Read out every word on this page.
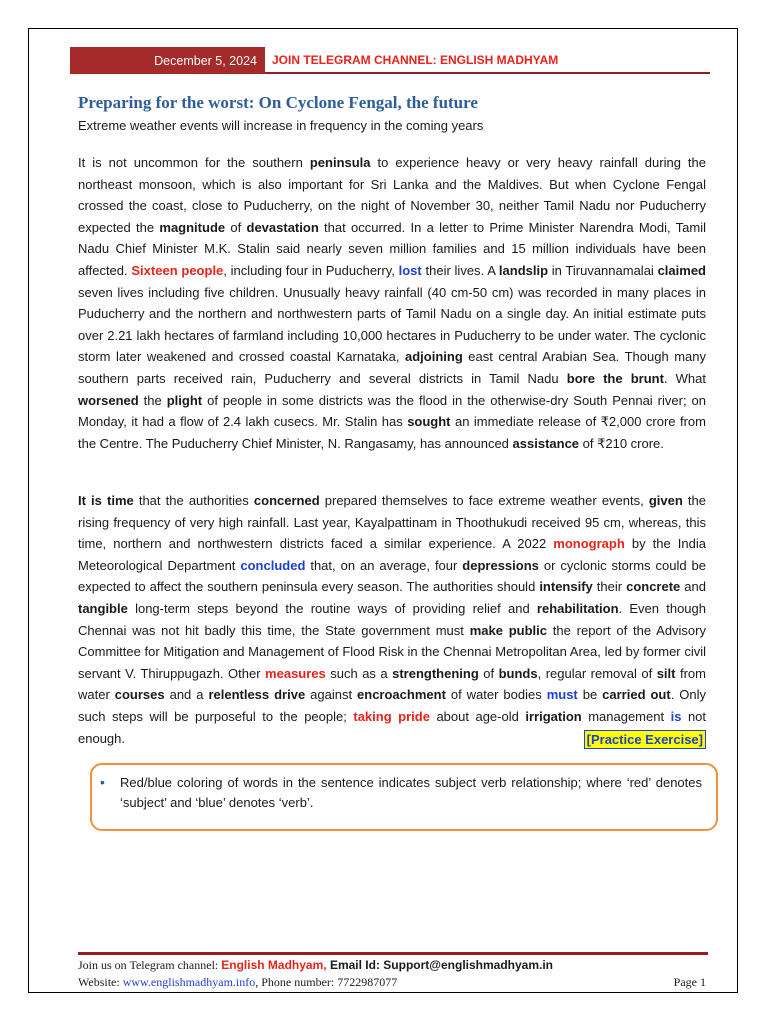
December 5, 2024	JOIN TELEGRAM CHANNEL: ENGLISH MADHYAM
Preparing for the worst: On Cyclone Fengal, the future
Extreme weather events will increase in frequency in the coming years

It is not uncommon for the southern peninsula to experience heavy or very heavy rainfall during the northeast monsoon, which is also important for Sri Lanka and the Maldives. But when Cyclone Fengal crossed the coast, close to Puducherry, on the night of November 30, neither Tamil Nadu nor Puducherry expected the magnitude of devastation that occurred. In a letter to Prime Minister Narendra Modi, Tamil Nadu Chief Minister M.K. Stalin said nearly seven million families and 15 million individuals have been affected. Sixteen people, including four in Puducherry, lost their lives. A landslip in Tiruvannamalai claimed seven lives including five children. Unusually heavy rainfall (40 cm-50 cm) was recorded in many places in Puducherry and the northern and northwestern parts of Tamil Nadu on a single day. An initial estimate puts over 2.21 lakh hectares of farmland including 10,000 hectares in Puducherry to be under water. The cyclonic storm later weakened and crossed coastal Karnataka, adjoining east central Arabian Sea. Though many southern parts received rain, Puducherry and several districts in Tamil Nadu bore the brunt. What worsened the plight of people in some districts was the flood in the otherwise-dry South Pennai river; on Monday, it had a flow of 2.4 lakh cusecs. Mr. Stalin has sought an immediate release of ₹2,000 crore from the Centre. The Puducherry Chief Minister, N. Rangasamy, has announced assistance of ₹210 crore.

It is time that the authorities concerned prepared themselves to face extreme weather events, given the rising frequency of very high rainfall. Last year, Kayalpattinam in Thoothukudi received 95 cm, whereas, this time, northern and northwestern districts faced a similar experience. A 2022 monograph by the India Meteorological Department concluded that, on an average, four depressions or cyclonic storms could be expected to affect the southern peninsula every season. The authorities should intensify their concrete and tangible long-term steps beyond the routine ways of providing relief and rehabilitation. Even though Chennai was not hit badly this time, the State government must make public the report of the Advisory Committee for Mitigation and Management of Flood Risk in the Chennai Metropolitan Area, led by former civil servant V. Thiruppugazh. Other measures such as a strengthening of bunds, regular removal of silt from water courses and a relentless drive against encroachment of water bodies must be carried out. Only such steps will be purposeful to the people; taking pride about age-old irrigation management is not enough.	[Practice Exercise]

• Red/blue coloring of words in the sentence indicates subject verb relationship; where ‘red’ denotes ‘subject’ and ‘blue’ denotes ‘verb’.

Join us on Telegram channel: English Madhyam, Email Id: Support@englishmadhyam.in
Website: www.englishmadhyam.info, Phone number: 7722987077	Page 1
